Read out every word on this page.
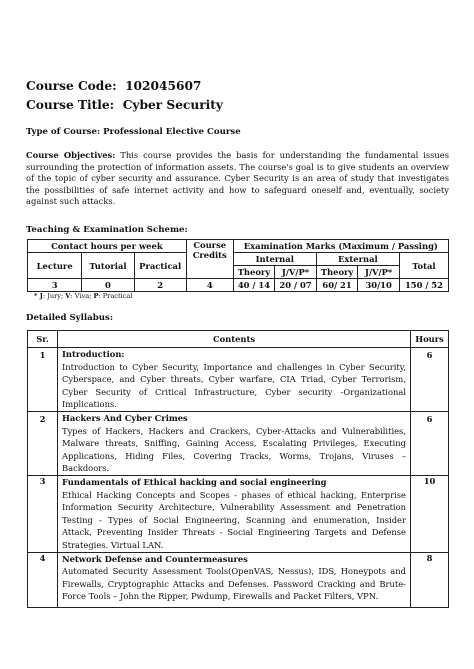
Course Code: 102045607
Course Title: Cyber Security
Type of Course: Professional Elective Course
Course Objectives: This course provides the basis for understanding the fundamental issues surrounding the protection of information assets. The course's goal is to give students an overview of the topic of cyber security and assurance. Cyber Security is an area of study that investigates the possibilities of safe internet activity and how to safeguard oneself and, eventually, society against such attacks.
Teaching & Examination Scheme:
Contact hours per week			Course Credits	Examination Marks (Maximum / Passing)				
Lecture	Tutorial	Practical		Internal		External		Total
				Theory	J/V/P*	Theory	J/V/P*	
3	0	2	4	40 / 14	20 / 07	60/ 21	30/10	150 / 52
* J: Jury; V: Viva; P: Practical
Detailed Syllabus:
Sr.	Contents	Hours
1	Introduction:
Introduction to Cyber Security, Importance and challenges in Cyber Security, Cyberspace, and Cyber threats, Cyber warfare, CIA Triad, Cyber Terrorism, Cyber Security of Critical Infrastructure, Cyber security -Organizational Implications.	6
2	Hackers And Cyber Crimes
Types of Hackers, Hackers and Crackers, Cyber-Attacks and Vulnerabilities, Malware threats, Sniffing, Gaining Access, Escalating Privileges, Executing Applications, Hiding Files, Covering Tracks, Worms, Trojans, Viruses – Backdoors.	6
3	Fundamentals of Ethical hacking and social engineering
Ethical Hacking Concepts and Scopes - phases of ethical hacking, Enterprise Information Security Architecture, Vulnerability Assessment and Penetration Testing - Types of Social Engineering, Scanning and enumeration, Insider Attack, Preventing Insider Threats - Social Engineering Targets and Defense Strategies. Virtual LAN.	10
4	Network Defense and Countermeasures
Automated Security Assessment Tools(OpenVAS, Nessus), IDS, Honeypots and Firewalls, Cryptographic Attacks and Defenses. Password Cracking and Brute-Force Tools – John the Ripper, Pwdump, Firewalls and Packet Filters, VPN.	8
